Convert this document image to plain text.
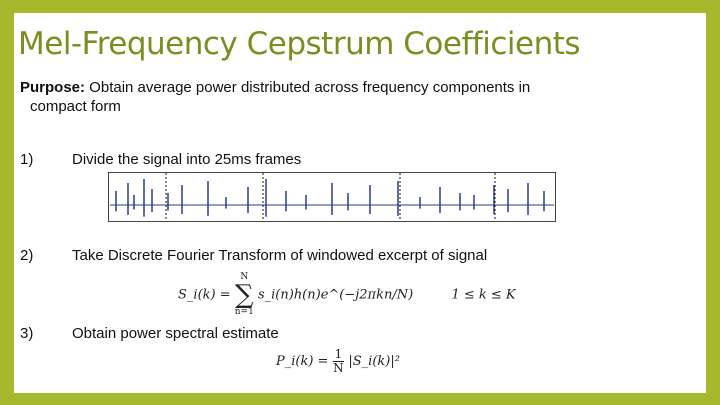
Mel-Frequency Cepstrum Coefficients
Purpose: Obtain average power distributed across frequency components in
compact form
1)	Divide the signal into 25ms frames
2)	Take Discrete Fourier Transform of windowed excerpt of signal
S_i(k) =
N
∑
n=1
s_i(n)h(n)e^(−j2πkn/N)	1 ≤ k ≤ K
3)	Obtain power spectral estimate
P_i(k) = $\frac{1}{N}$ |S_i(k)|²
